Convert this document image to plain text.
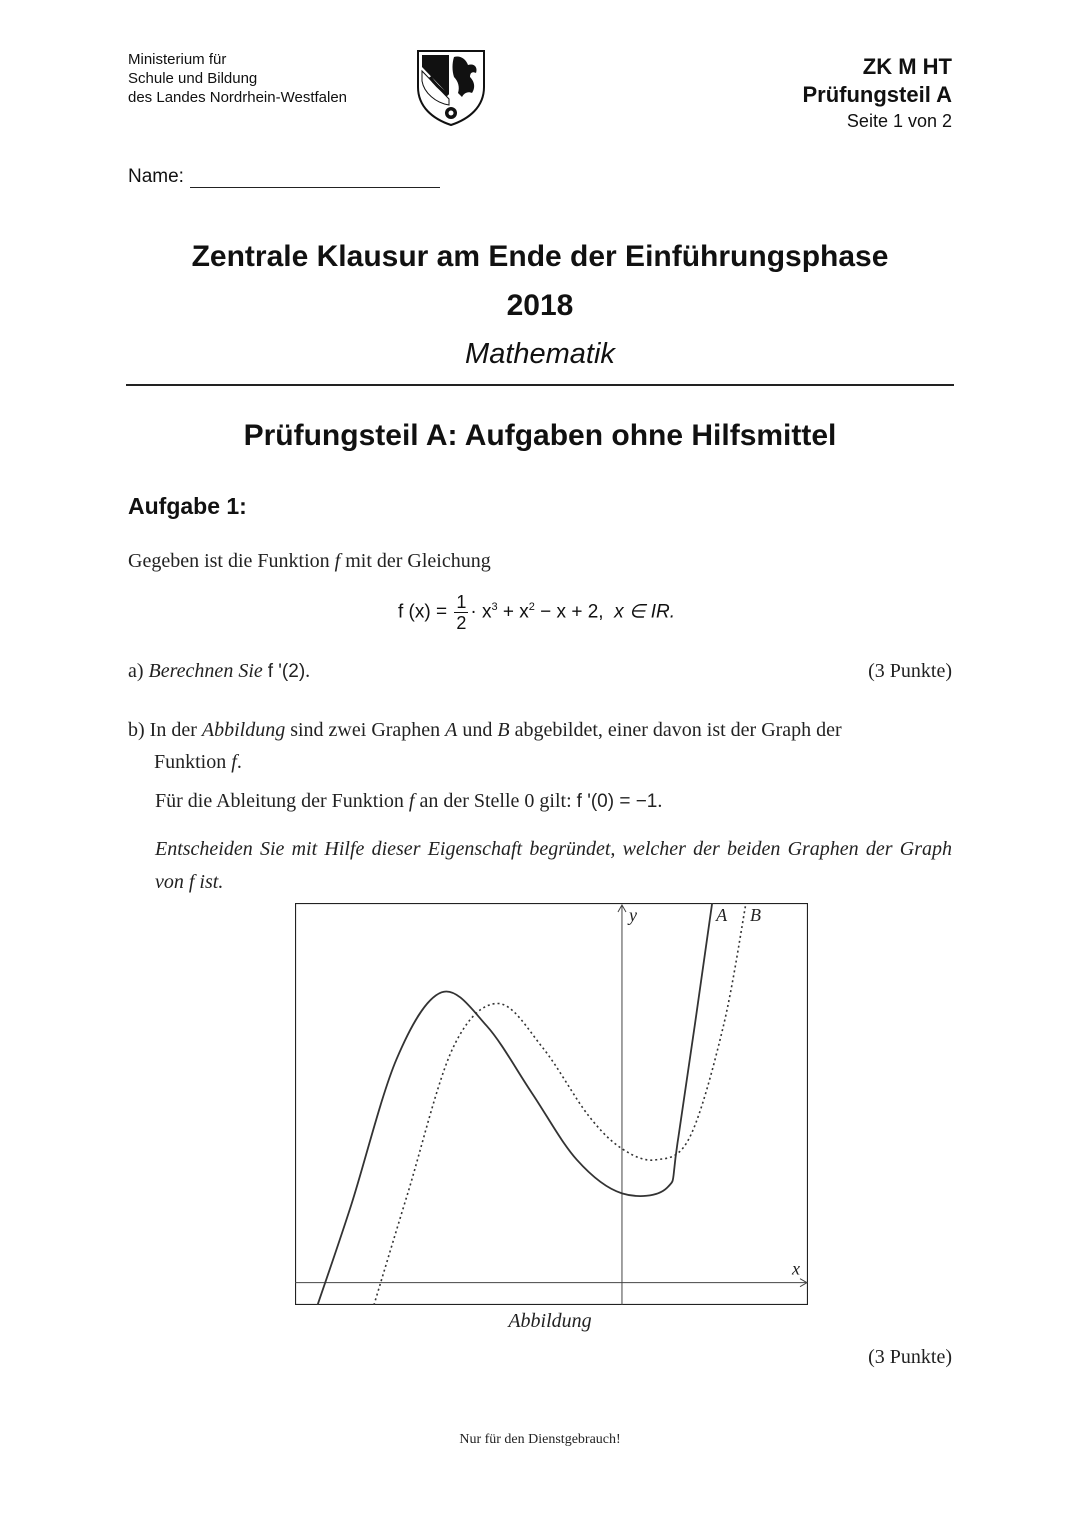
Ministerium für
Schule und Bildung
des Landes Nordrhein-Westfalen
ZK M HT
Prüfungsteil A
Seite 1 von 2
Name:
Zentrale Klausur am Ende der Einführungsphase
2018
Mathematik
Prüfungsteil A: Aufgaben ohne Hilfsmittel
Aufgabe 1:
Gegeben ist die Funktion f mit der Gleichung
f $(x) = \frac{1}{2} \cdot x^3 + x^2 - x + 2$, x ∈ IR.
a) Berechnen Sie f '(2).	(3 Punkte)
b) In der Abbildung sind zwei Graphen A und B abgebildet, einer davon ist der Graph der
Funktion f.
Für die Ableitung der Funktion f an der Stelle 0 gilt: f '(0) = −1.
Entscheiden Sie mit Hilfe dieser Eigenschaft begründet, welcher der beiden Graphen der Graph von f ist.
A B
x
y
Abbildung
(3 Punkte)
Nur für den Dienstgebrauch!
